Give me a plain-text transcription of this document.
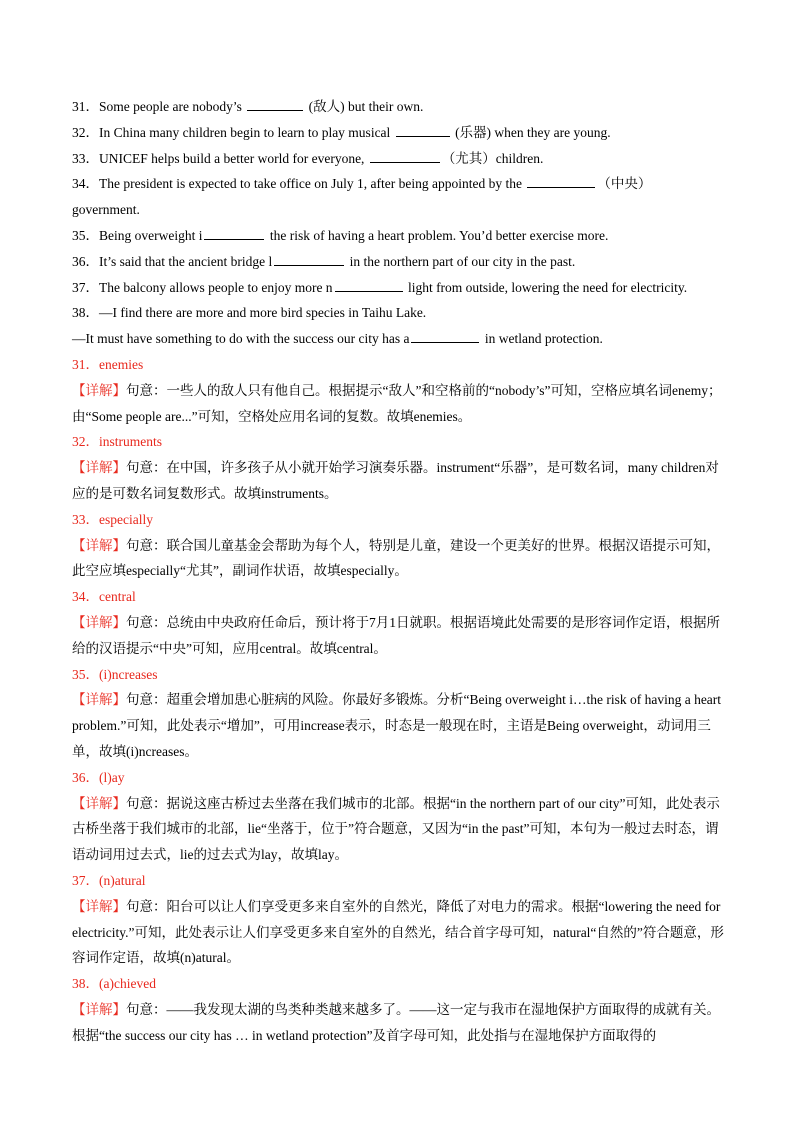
31．Some people are nobody’s	(敌人) but their own.
32．In China many children begin to learn to play musical	(乐器) when they are young.
33．UNICEF helps build a better world for everyone,	（尤其）children.
34．The president is expected to take office on July 1, after being appointed by the	（中央）
government.
35．Being overweight i	the risk of having a heart problem. You’d better exercise more.
36．It’s said that the ancient bridge l	in the northern part of our city in the past.
37．The balcony allows people to enjoy more n	light from outside, lowering the need for electricity.
38．—I find there are more and more bird species in Taihu Lake.
—It must have something to do with the success our city has a	in wetland protection.
31．enemies
【详解】句意：一些人的敌人只有他自己。根据提示“敌人”和空格前的“nobody’s”可知，空格应填名词enemy；由“Some people are...”可知，空格处应用名词的复数。故填enemies。
32．instruments
【详解】句意：在中国，许多孩子从小就开始学习演奏乐器。instrument“乐器”，是可数名词，many children对应的是可数名词复数形式。故填instruments。
33．especially
【详解】句意：联合国儿童基金会帮助为每个人，特别是儿童，建设一个更美好的世界。根据汉语提示可知，此空应填especially“尤其”，副词作状语，故填especially。
34．central
【详解】句意：总统由中央政府任命后，预计将于7月1日就职。根据语境此处需要的是形容词作定语，根据所给的汉语提示“中央”可知，应用central。故填central。
35．(i)ncreases
【详解】句意：超重会增加患心脏病的风险。你最好多锻炼。分析“Being overweight i…the risk of having a heart problem.”可知，此处表示“增加”，可用increase表示，时态是一般现在时，主语是Being overweight，动词用三单，故填(i)ncreases。
36．(l)ay
【详解】句意：据说这座古桥过去坐落在我们城市的北部。根据“in the northern part of our city”可知，此处表示古桥坐落于我们城市的北部，lie“坐落于，位于”符合题意，又因为“in the past”可知，本句为一般过去时态，谓语动词用过去式，lie的过去式为lay，故填lay。
37．(n)atural
【详解】句意：阳台可以让人们享受更多来自室外的自然光，降低了对电力的需求。根据“lowering the need for electricity.”可知，此处表示让人们享受更多来自室外的自然光，结合首字母可知，natural“自然的”符合题意，形容词作定语，故填(n)atural。
38．(a)chieved
【详解】句意：——我发现太湖的鸟类种类越来越多了。——这一定与我市在湿地保护方面取得的成就有关。根据“the success our city has … in wetland protection”及首字母可知，此处指与在湿地保护方面取得的
